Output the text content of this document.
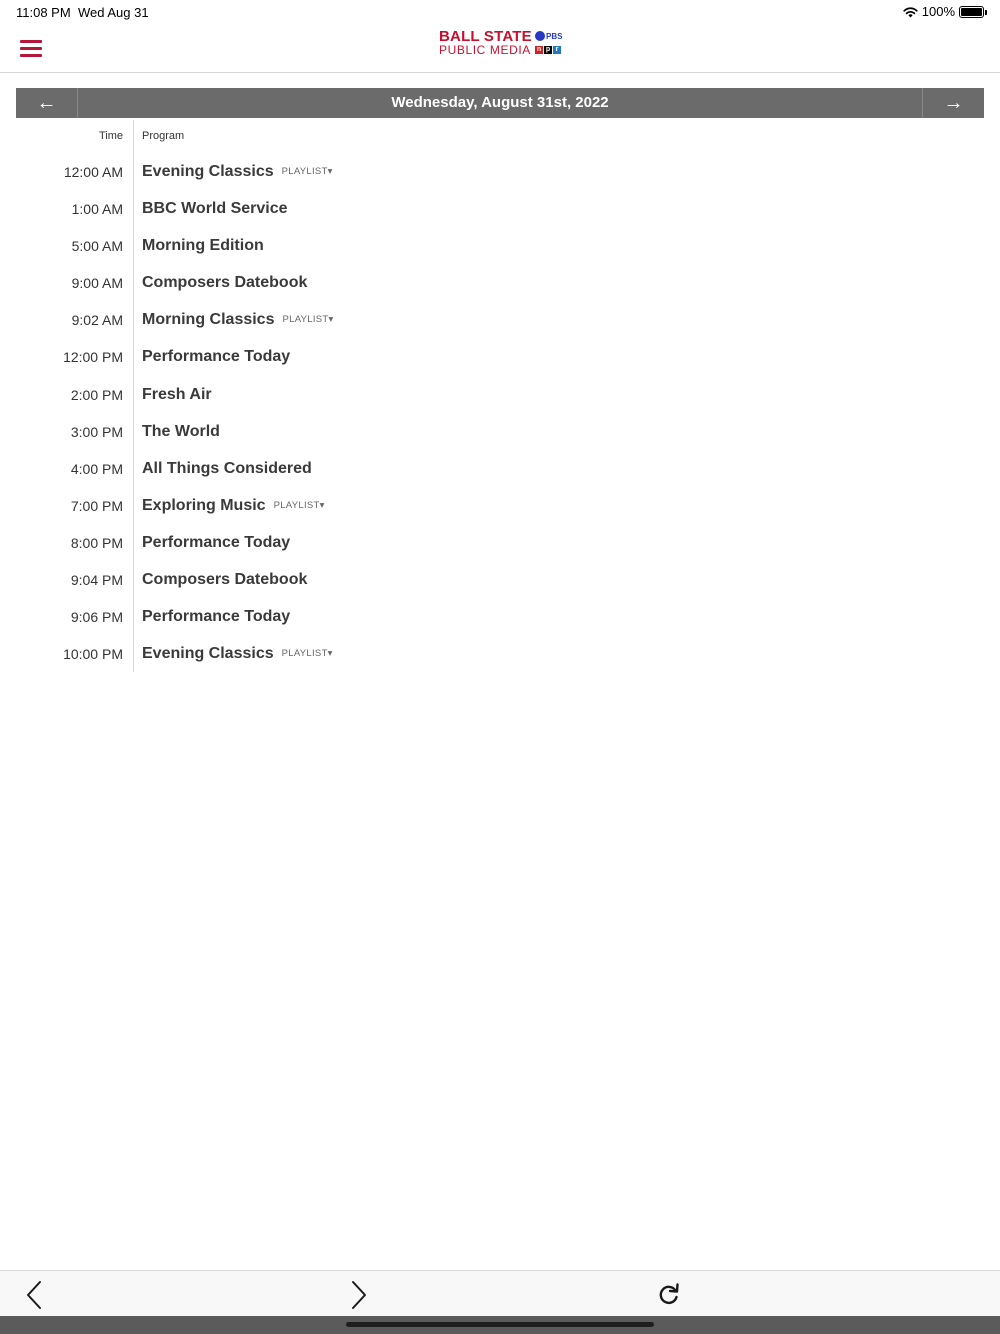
11:08 PM Wed Aug 31	100%
BALL STATE
PUBLIC MEDIA
PBS
n p r
←	Wednesday, August 31st, 2022	→
Time Program
12:00 AM Evening Classics PLAYLIST▾
1:00 AM BBC World Service
5:00 AM Morning Edition
9:00 AM Composers Datebook
9:02 AM Morning Classics PLAYLIST▾
12:00 PM Performance Today
2:00 PM Fresh Air
3:00 PM The World
4:00 PM All Things Considered
7:00 PM Exploring Music PLAYLIST▾
8:00 PM Performance Today
9:04 PM Composers Datebook
9:06 PM Performance Today
10:00 PM Evening Classics PLAYLIST▾
